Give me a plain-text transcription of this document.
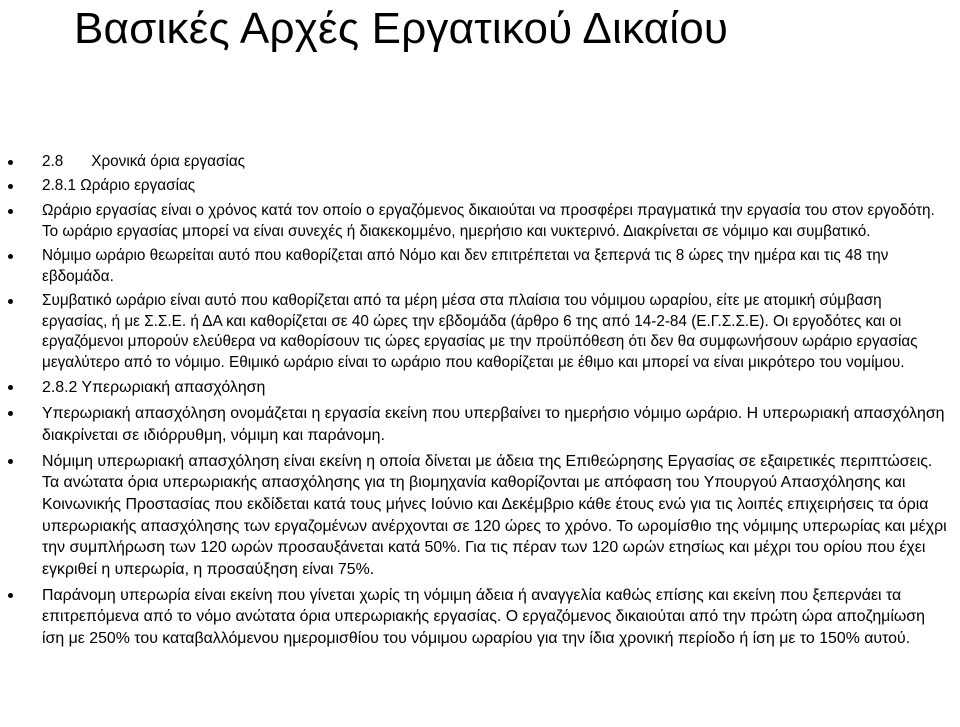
Βασικές Αρχές Εργατικού Δικαίου
2.8 Χρονικά όρια εργασίας
2.8.1 Ωράριο εργασίας
Ωράριο εργασίας είναι ο χρόνος κατά τον οποίο ο εργαζόμενος δικαιούται να προσφέρει πραγματικά την εργασία του στον εργοδότη. Το ωράριο εργασίας μπορεί να είναι συνεχές ή διακεκομμένο, ημερήσιο και νυκτερινό. Διακρίνεται σε νόμιμο και συμβατικό.
Νόμιμο ωράριο θεωρείται αυτό που καθορίζεται από Νόμο και δεν επιτρέπεται να ξεπερνά τις 8 ώρες την ημέρα και τις 48 την εβδομάδα.
Συμβατικό ωράριο είναι αυτό που καθορίζεται από τα μέρη μέσα στα πλαίσια του νόμιμου ωραρίου, είτε με ατομική σύμβαση εργασίας, ή με Σ.Σ.Ε. ή ΔΑ και καθορίζεται σε 40 ώρες την εβδομάδα (άρθρο 6 της από 14-2-84 (Ε.Γ.Σ.Σ.Ε). Οι εργοδότες και οι εργαζόμενοι μπορούν ελεύθερα να καθορίσουν τις ώρες εργασίας με την προϋπόθεση ότι δεν θα συμφωνήσουν ωράριο εργασίας μεγαλύτερο από το νόμιμο. Εθιμικό ωράριο είναι το ωράριο που καθορίζεται με έθιμο και μπορεί να είναι μικρότερο του νομίμου.
2.8.2 Υπερωριακή απασχόληση
Υπερωριακή απασχόληση ονομάζεται η εργασία εκείνη που υπερβαίνει το ημερήσιο νόμιμο ωράριο. Η υπερωριακή απασχόληση διακρίνεται σε ιδιόρρυθμη, νόμιμη και παράνομη.
Νόμιμη υπερωριακή απασχόληση είναι εκείνη η οποία δίνεται με άδεια της Επιθεώρησης Εργασίας σε εξαιρετικές περιπτώσεις. Τα ανώτατα όρια υπερωριακής απασχόλησης για τη βιομηχανία καθορίζονται με απόφαση του Υπουργού Απασχόλησης και Κοινωνικής Προστασίας που εκδίδεται κατά τους μήνες Ιούνιο και Δεκέμβριο κάθε έτους ενώ για τις λοιπές επιχειρήσεις τα όρια υπερωριακής απασχόλησης των εργαζομένων ανέρχονται σε 120 ώρες το χρόνο. Το ωρομίσθιο της νόμιμης υπερωρίας και μέχρι την συμπλήρωση των 120 ωρών προσαυξάνεται κατά 50%. Για τις πέραν των 120 ωρών ετησίως και μέχρι του ορίου που έχει εγκριθεί η υπερωρία, η προσαύξηση είναι 75%.
Παράνομη υπερωρία είναι εκείνη που γίνεται χωρίς τη νόμιμη άδεια ή αναγγελία καθώς επίσης και εκείνη που ξεπερνάει τα επιτρεπόμενα από το νόμο ανώτατα όρια υπερωριακής εργασίας. Ο εργαζόμενος δικαιούται από την πρώτη ώρα αποζημίωση ίση με 250% του καταβαλλόμενου ημερομισθίου του νόμιμου ωραρίου για την ίδια χρονική περίοδο ή ίση με το 150% αυτού.
